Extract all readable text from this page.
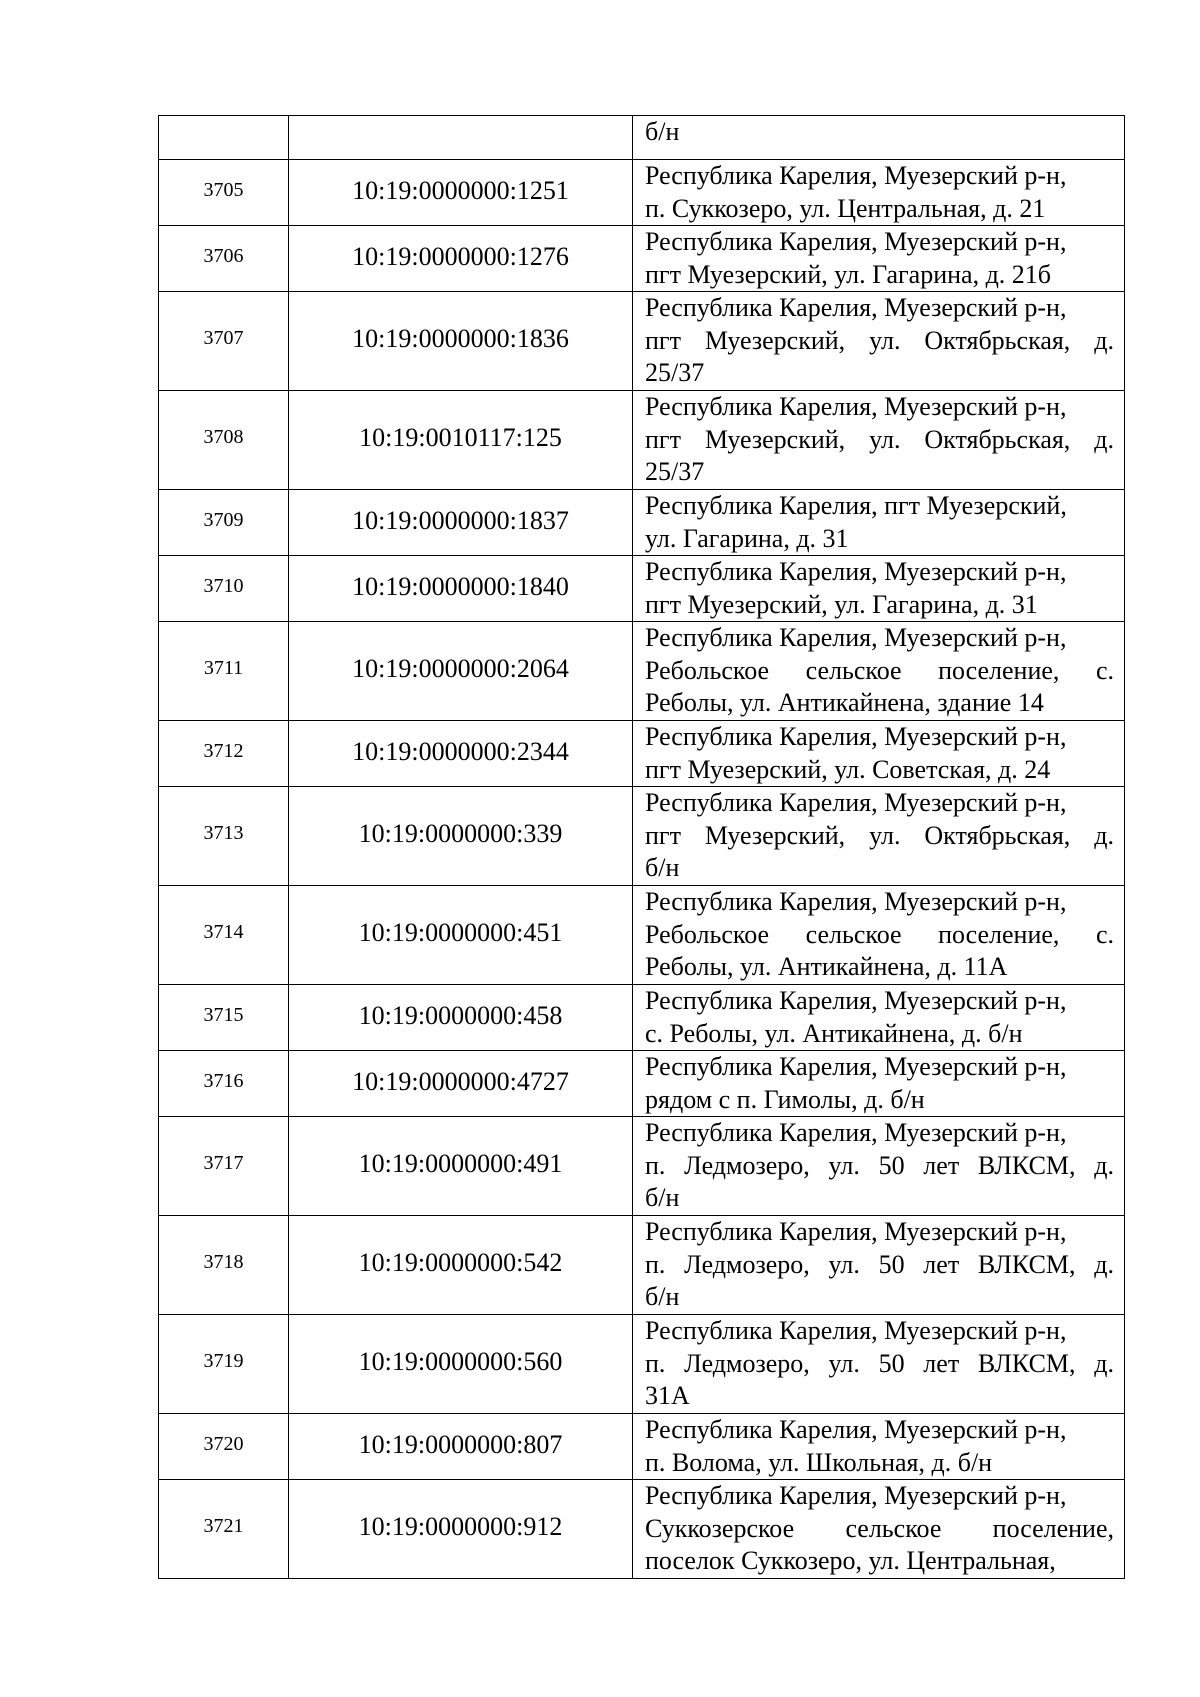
		б/н

3705	10:19:0000000:1251	Республика Карелия, Муезерский р-н,
п. Суккозеро, ул. Центральная, д. 21

3706	10:19:0000000:1276	Республика Карелия, Муезерский р-н,
пгт Муезерский, ул. Гагарина, д. 21б

3707	10:19:0000000:1836	Республика Карелия, Муезерский р-н,
пгт Муезерский, ул. Октябрьская, д.
25/37

3708	10:19:0010117:125	Республика Карелия, Муезерский р-н,
пгт Муезерский, ул. Октябрьская, д.
25/37

3709	10:19:0000000:1837	Республика Карелия, пгт Муезерский,
ул. Гагарина, д. 31

3710	10:19:0000000:1840	Республика Карелия, Муезерский р-н,
пгт Муезерский, ул. Гагарина, д. 31

3711	10:19:0000000:2064	Республика Карелия, Муезерский р-н,
Ребольское сельское поселение, с.
Реболы, ул. Антикайнена, здание 14

3712	10:19:0000000:2344	Республика Карелия, Муезерский р-н,
пгт Муезерский, ул. Советская, д. 24

3713	10:19:0000000:339	Республика Карелия, Муезерский р-н,
пгт Муезерский, ул. Октябрьская, д.
б/н

3714	10:19:0000000:451	Республика Карелия, Муезерский р-н,
Ребольское сельское поселение, с.
Реболы, ул. Антикайнена, д. 11А

3715	10:19:0000000:458	Республика Карелия, Муезерский р-н,
с. Реболы, ул. Антикайнена, д. б/н

3716	10:19:0000000:4727	Республика Карелия, Муезерский р-н,
рядом с п. Гимолы, д. б/н

3717	10:19:0000000:491	Республика Карелия, Муезерский р-н,
п. Ледмозеро, ул. 50 лет ВЛКСМ, д.
б/н

3718	10:19:0000000:542	Республика Карелия, Муезерский р-н,
п. Ледмозеро, ул. 50 лет ВЛКСМ, д.
б/н

3719	10:19:0000000:560	Республика Карелия, Муезерский р-н,
п. Ледмозеро, ул. 50 лет ВЛКСМ, д.
31А

3720	10:19:0000000:807	Республика Карелия, Муезерский р-н,
п. Волома, ул. Школьная, д. б/н

3721	10:19:0000000:912	Республика Карелия, Муезерский р-н,
Суккозерское сельское поселение,
поселок Суккозеро, ул. Центральная,
